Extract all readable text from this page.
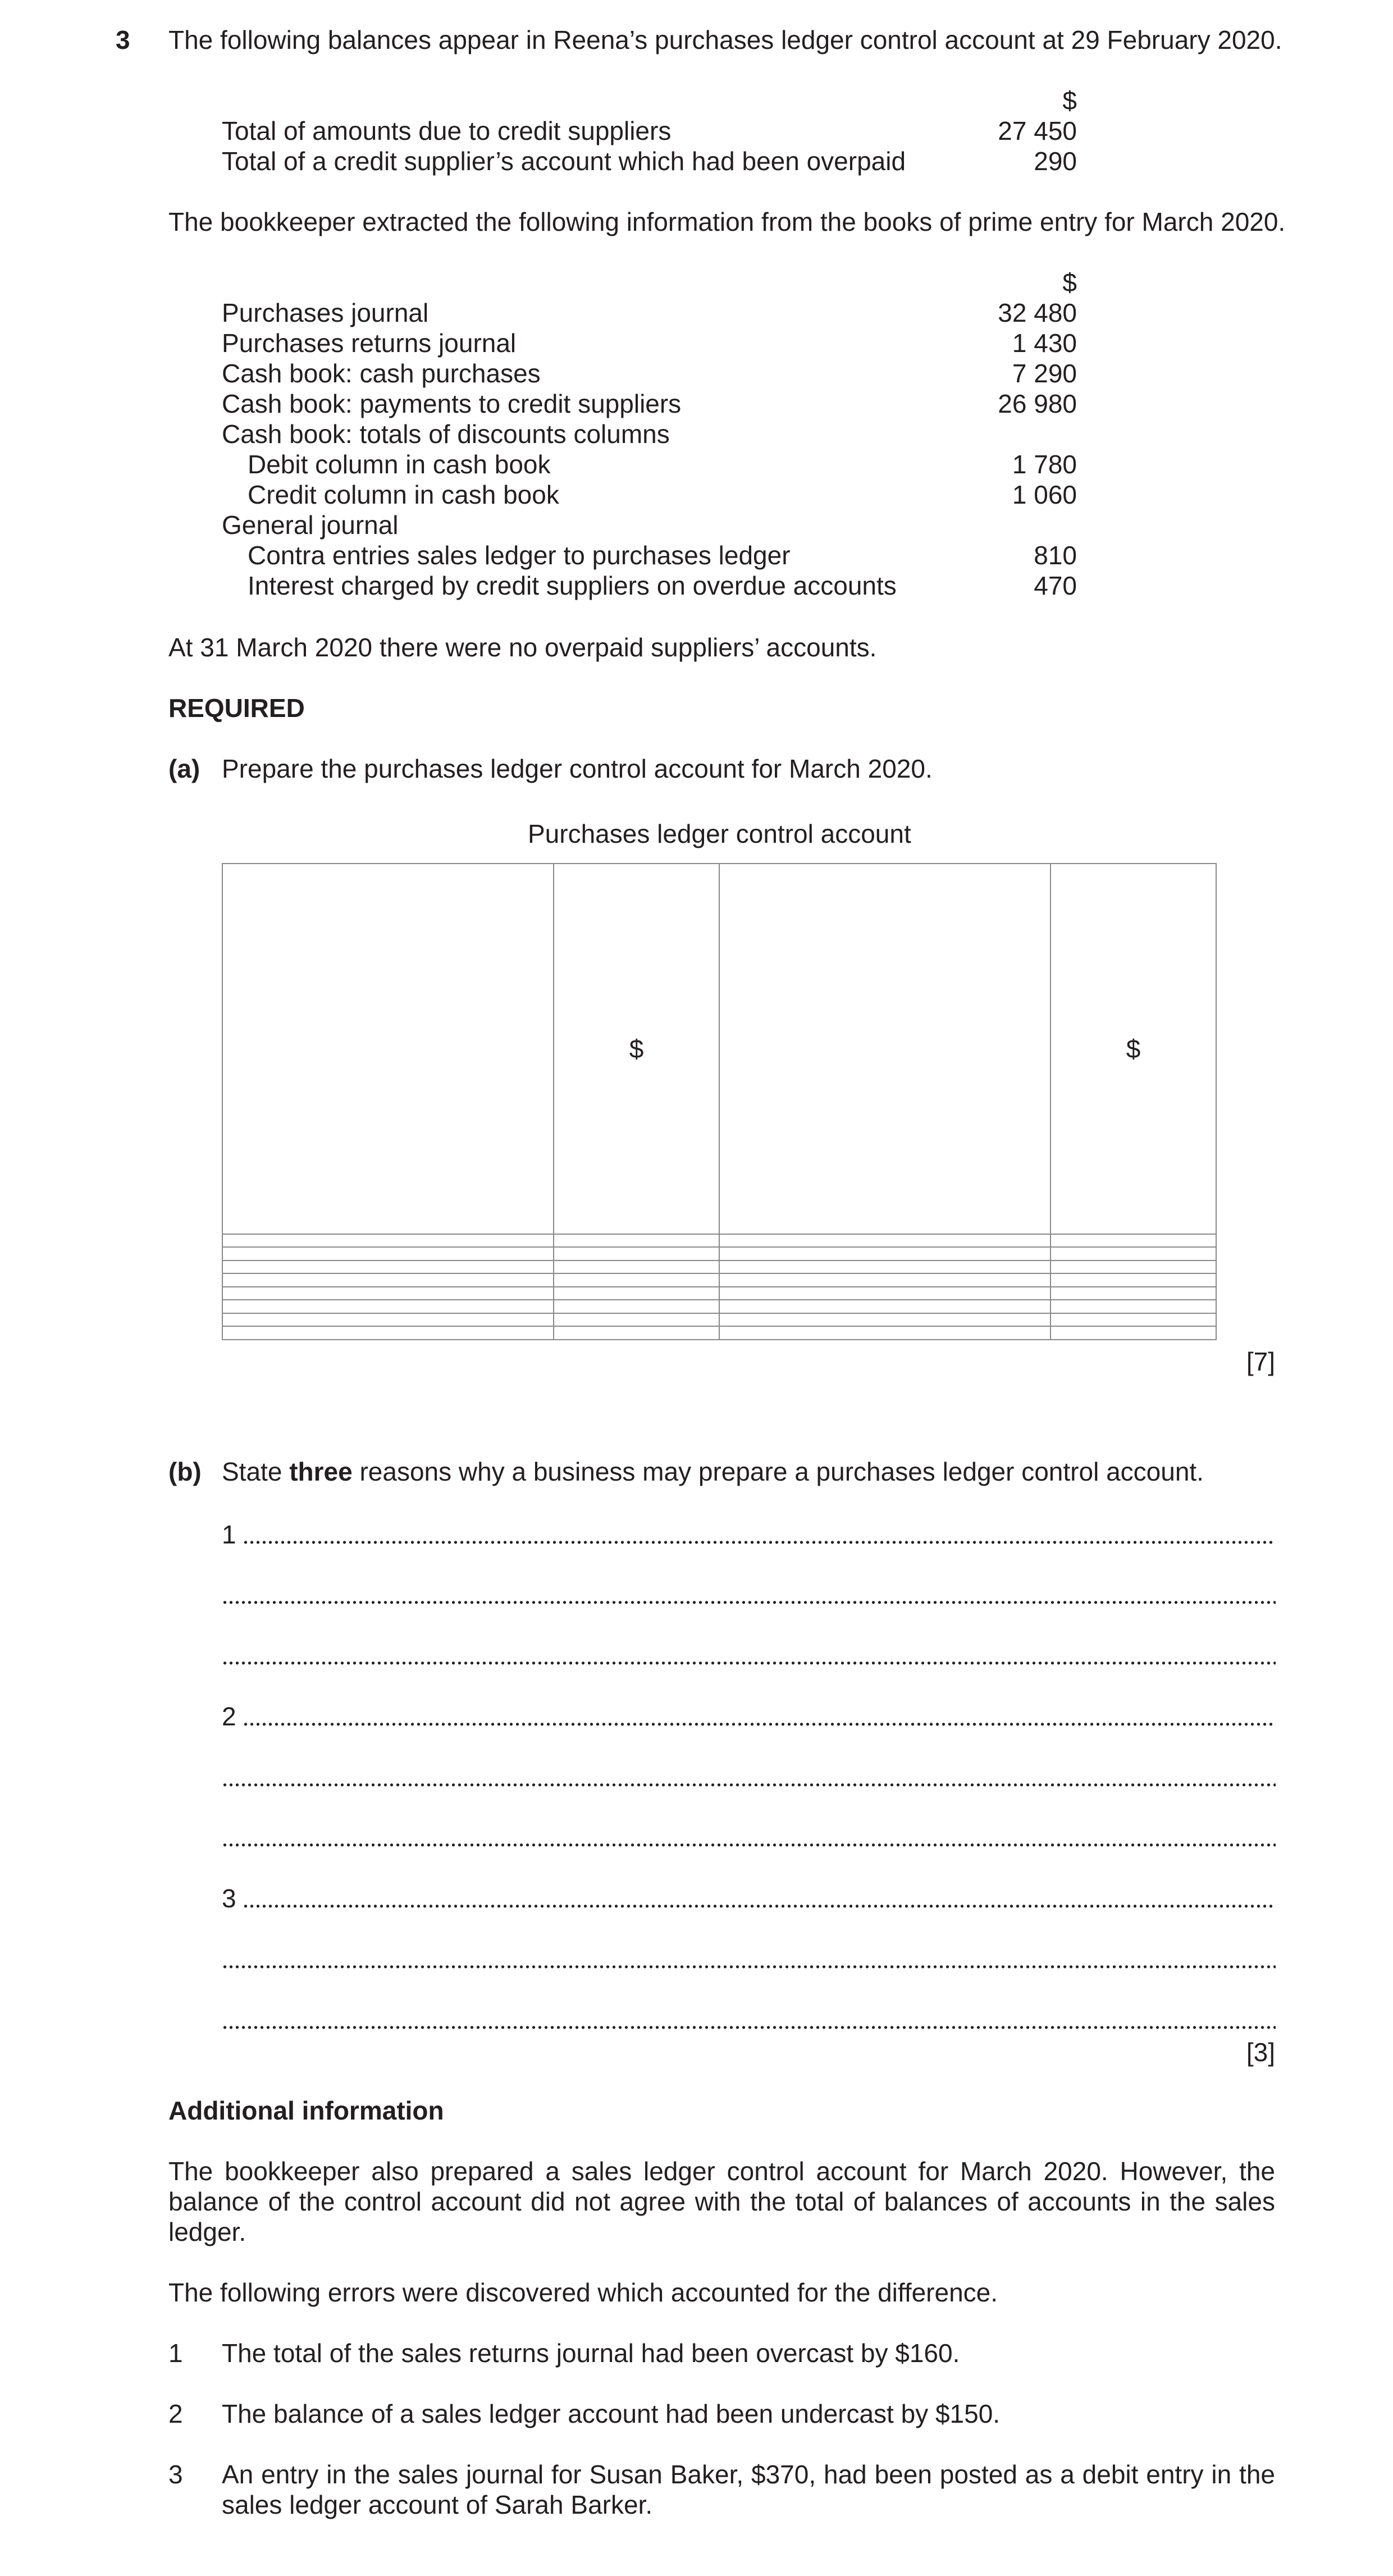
3 The following balances appear in Reena’s purchases ledger control account at 29 February 2020.
$
Total of amounts due to credit suppliers	27 450
Total of a credit supplier’s account which had been overpaid	290
The bookkeeper extracted the following information from the books of prime entry for March 2020.
$
Purchases journal	32 480
Purchases returns journal	1 430
Cash book: cash purchases	7 290
Cash book: payments to credit suppliers	26 980
Cash book: totals of discounts columns
Debit column in cash book	1 780
Credit column in cash book	1 060
General journal
Contra entries sales ledger to purchases ledger	810
Interest charged by credit suppliers on overdue accounts	470
At 31 March 2020 there were no overpaid suppliers’ accounts.
REQUIRED
(a) Prepare the purchases ledger control account for March 2020.
Purchases ledger control account
	$		$

[7]
(b) State three reasons why a business may prepare a purchases ledger control account.
1
2
3
[3]
Additional information
The bookkeeper also prepared a sales ledger control account for March 2020. However, the balance of the control account did not agree with the total of balances of accounts in the sales ledger.
The following errors were discovered which accounted for the difference.
1 The total of the sales returns journal had been overcast by $160.
2 The balance of a sales ledger account had been undercast by $150.
3 An entry in the sales journal for Susan Baker, $370, had been posted as a debit entry in the sales ledger account of Sarah Barker.
